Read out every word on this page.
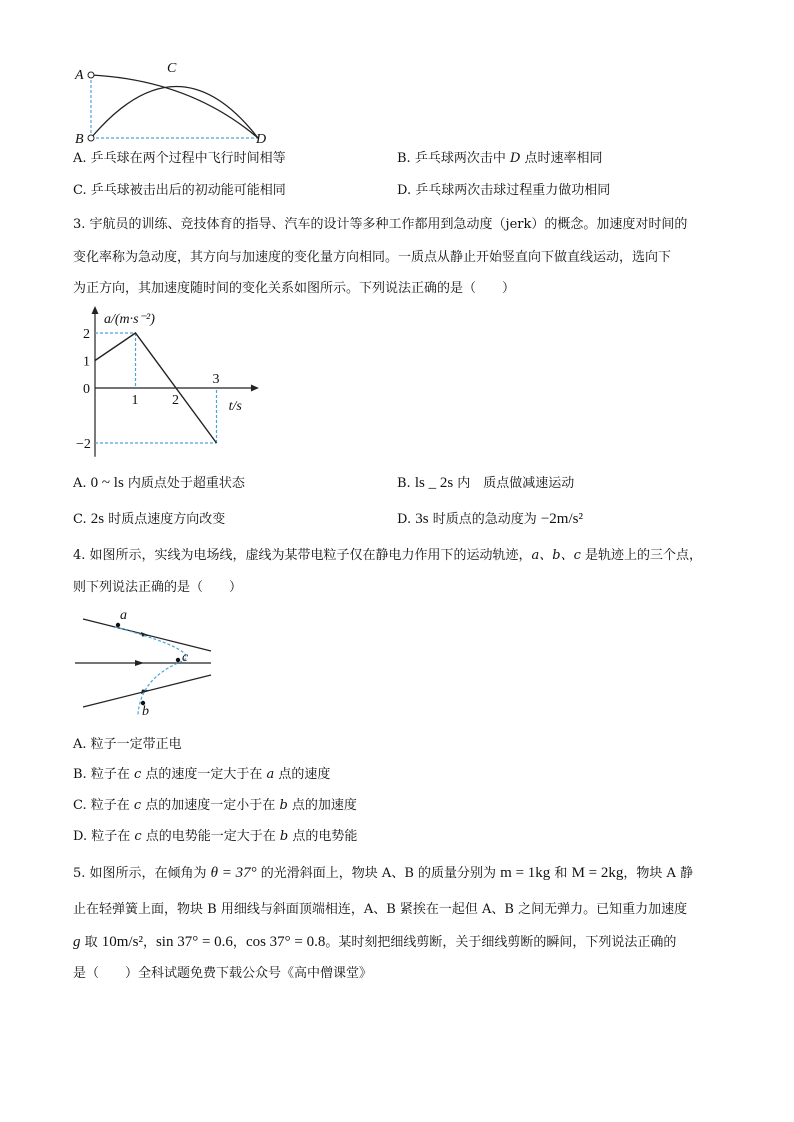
A
B
C
D
A. 乒乓球在两个过程中飞行时间相等	B. 乒乓球两次击中 D 点时速率相同
C. 乒乓球被击出后的初动能可能相同	D. 乒乓球两次击球过程重力做功相同
3. 宇航员的训练、竞技体育的指导、汽车的设计等多种工作都用到急动度（jerk）的概念。加速度对时间的
变化率称为急动度，其方向与加速度的变化量方向相同。一质点从静止开始竖直向下做直线运动，选向下
为正方向，其加速度随时间的变化关系如图所示。下列说法正确的是（　　）
1 2
3
2
1
0
−2
a/(m·s⁻²)
t/s
A. 0 ~ ls 内质点处于超重状态	B. ls _ 2s 内　质点做减速运动
C. 2s 时质点速度方向改变	D. 3s 时质点的急动度为 −2m/s²
4. 如图所示，实线为电场线，虚线为某带电粒子仅在静电力作用下的运动轨迹，a、b、c 是轨迹上的三个点，
则下列说法正确的是（　　）
a
c
b
A. 粒子一定带正电
B. 粒子在 c 点的速度一定大于在 a 点的速度
C. 粒子在 c 点的加速度一定小于在 b 点的加速度
D. 粒子在 c 点的电势能一定大于在 b 点的电势能
5. 如图所示，在倾角为 θ = 37° 的光滑斜面上，物块 A、B 的质量分别为 m = 1kg 和 M = 2kg，物块 A 静
止在轻弹簧上面，物块 B 用细线与斜面顶端相连，A、B 紧挨在一起但 A、B 之间无弹力。已知重力加速度
g 取 10m/s²，sin 37° = 0.6，cos 37° = 0.8。某时刻把细线剪断，关于细线剪断的瞬间，下列说法正确的
是（　　）全科试题免费下载公众号《高中僧课堂》
